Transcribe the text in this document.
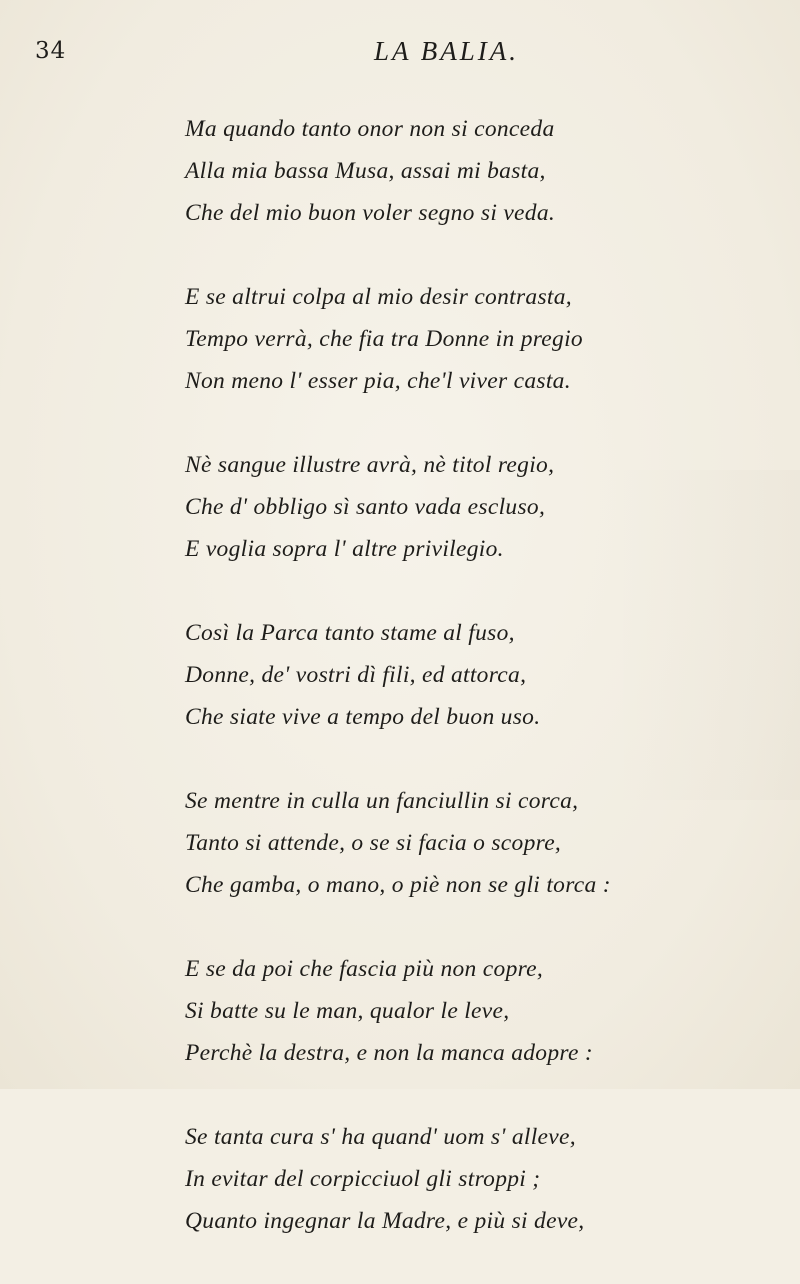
34	LA BALIA.
Ma quando tanto onor non si conceda
Alla mia bassa Musa, assai mi basta,
Che del mio buon voler segno si veda.
E se altrui colpa al mio desir contrasta,
Tempo verrà, che fia tra Donne in pregio
Non meno l' esser pia, che'l viver casta.
Nè sangue illustre avrà, nè titol regio,
Che d' obbligo sì santo vada escluso,
E voglia sopra l' altre privilegio.
Così la Parca tanto stame al fuso,
Donne, de' vostri dì fili, ed attorca,
Che siate vive a tempo del buon uso.
Se mentre in culla un fanciullin si corca,
Tanto si attende, o se si facia o scopre,
Che gamba, o mano, o piè non se gli torca :
E se da poi che fascia più non copre,
Si batte su le man, qualor le leve,
Perchè la destra, e non la manca adopre :
Se tanta cura s' ha quand' uom s' alleve,
In evitar del corpicciuol gli stroppi ;
Quanto ingegnar la Madre, e più si deve,
